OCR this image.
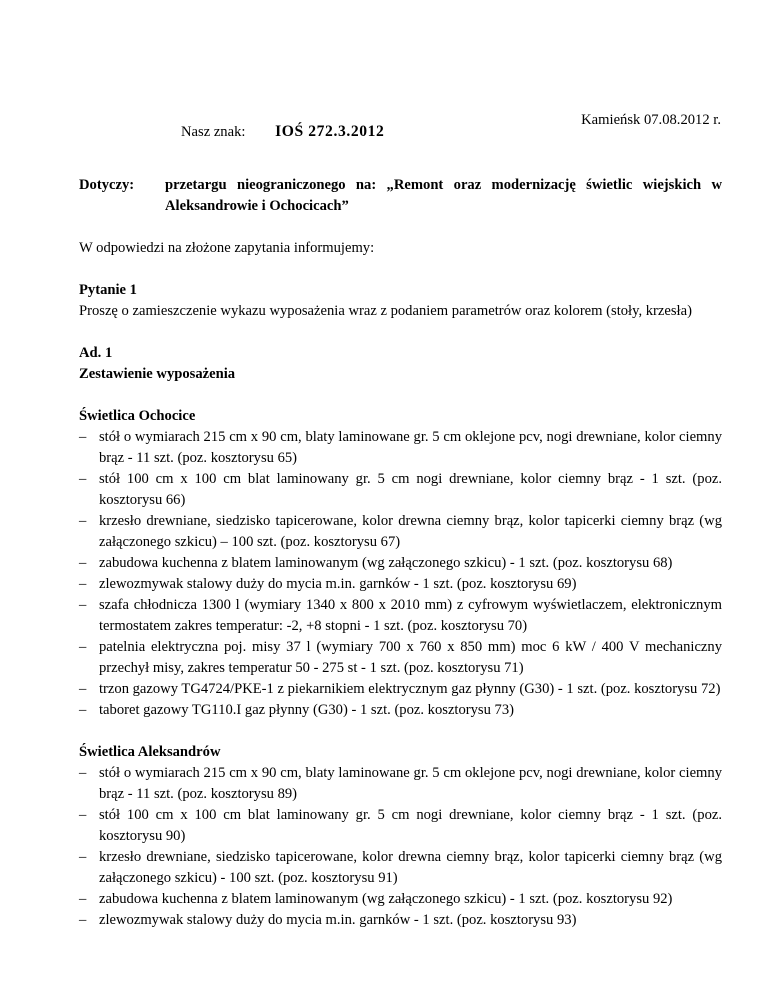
Kamieńsk 07.08.2012 r.
Nasz znak: IOŚ 272.3.2012
Dotyczy:	przetargu nieograniczonego na: „Remont oraz modernizację świetlic wiejskich w Aleksandrowie i Ochocicach”

W odpowiedzi na złożone zapytania informujemy:

Pytanie 1

Proszę o zamieszczenie wykazu wyposażenia wraz z podaniem parametrów oraz kolorem (stoły, krzesła)

Ad. 1

Zestawienie wyposażenia

Świetlica Ochocice

– stół o wymiarach 215 cm x 90 cm, blaty laminowane gr. 5 cm oklejone pcv, nogi drewniane, kolor ciemny brąz - 11 szt. (poz. kosztorysu 65)
– stół 100 cm x 100 cm blat laminowany gr. 5 cm nogi drewniane, kolor ciemny brąz - 1 szt. (poz. kosztorysu 66)
– krzesło drewniane, siedzisko tapicerowane, kolor drewna ciemny brąz, kolor tapicerki ciemny brąz (wg załączonego szkicu) – 100 szt. (poz. kosztorysu 67)
– zabudowa kuchenna z blatem laminowanym (wg załączonego szkicu) - 1 szt. (poz. kosztorysu 68)
– zlewozmywak stalowy duży do mycia m.in. garnków - 1 szt. (poz. kosztorysu 69)
– szafa chłodnicza 1300 l (wymiary 1340 x 800 x 2010 mm) z cyfrowym wyświetlaczem, elektronicznym termostatem zakres temperatur: -2, +8 stopni - 1 szt. (poz. kosztorysu 70)
– patelnia elektryczna poj. misy 37 l (wymiary 700 x 760 x 850 mm) moc 6 kW / 400 V mechaniczny przechył misy, zakres temperatur 50 - 275 st - 1 szt. (poz. kosztorysu 71)
– trzon gazowy TG4724/PKE-1 z piekarnikiem elektrycznym gaz płynny (G30) - 1 szt. (poz. kosztorysu 72)
– taboret gazowy TG110.I gaz płynny (G30) - 1 szt. (poz. kosztorysu 73)

Świetlica Aleksandrów

– stół o wymiarach 215 cm x 90 cm, blaty laminowane gr. 5 cm oklejone pcv, nogi drewniane, kolor ciemny brąz - 11 szt. (poz. kosztorysu 89)
– stół 100 cm x 100 cm blat laminowany gr. 5 cm nogi drewniane, kolor ciemny brąz - 1 szt. (poz. kosztorysu 90)
– krzesło drewniane, siedzisko tapicerowane, kolor drewna ciemny brąz, kolor tapicerki ciemny brąz (wg załączonego szkicu) - 100 szt. (poz. kosztorysu 91)
– zabudowa kuchenna z blatem laminowanym (wg załączonego szkicu) - 1 szt. (poz. kosztorysu 92)
– zlewozmywak stalowy duży do mycia m.in. garnków - 1 szt. (poz. kosztorysu 93)
